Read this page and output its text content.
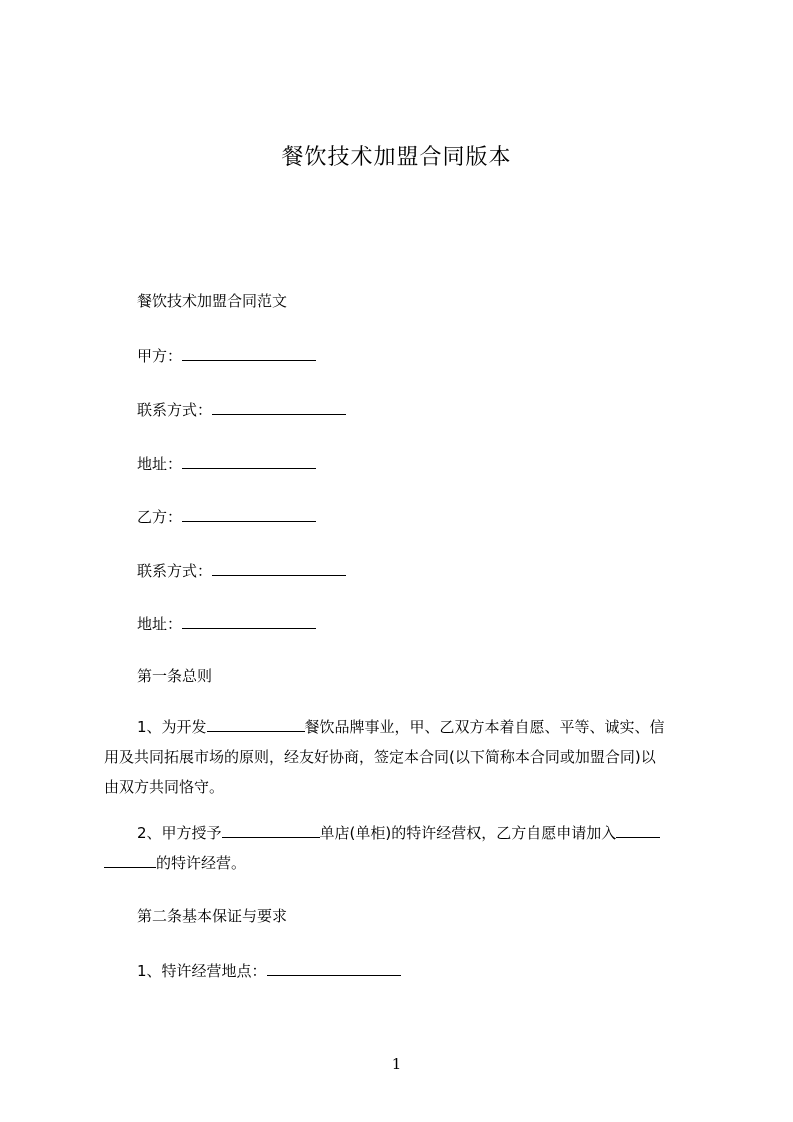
餐饮技术加盟合同版本
餐饮技术加盟合同范文
甲方：
联系方式：
地址：
乙方：
联系方式：
地址：
第一条总则
1、为开发	餐饮品牌事业，甲、乙双方本着自愿、平等、诚实、信
用及共同拓展市场的原则，经友好协商，签定本合同(以下简称本合同或加盟合同)以
由双方共同恪守。
2、甲方授予	单店(单柜)的特许经营权，乙方自愿申请加入
的特许经营。
第二条基本保证与要求
1、特许经营地点：
1
